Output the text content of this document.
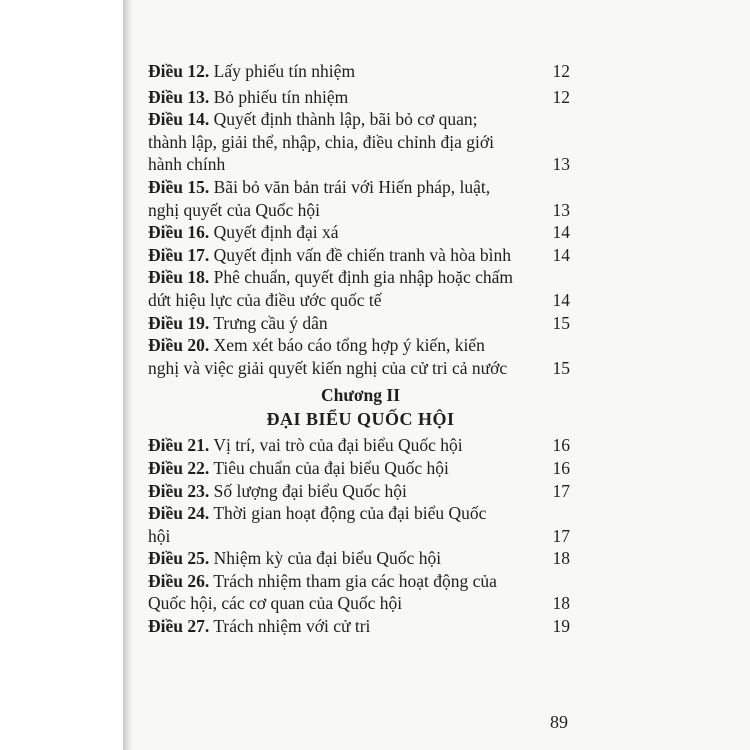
Điều 12. Lấy phiếu tín nhiệm	12
Điều 13. Bỏ phiếu tín nhiệm	12
Điều 14. Quyết định thành lập, bãi bỏ cơ quan; thành lập, giải thể, nhập, chia, điều chỉnh địa giới hành chính	13
Điều 15. Bãi bỏ văn bản trái với Hiến pháp, luật, nghị quyết của Quốc hội	13
Điều 16. Quyết định đại xá	14
Điều 17. Quyết định vấn đề chiến tranh và hòa bình	14
Điều 18. Phê chuẩn, quyết định gia nhập hoặc chấm dứt hiệu lực của điều ước quốc tế	14
Điều 19. Trưng cầu ý dân	15
Điều 20. Xem xét báo cáo tổng hợp ý kiến, kiến nghị và việc giải quyết kiến nghị của cử tri cả nước	15
Chương II
ĐẠI BIỂU QUỐC HỘI
Điều 21. Vị trí, vai trò của đại biểu Quốc hội	16
Điều 22. Tiêu chuẩn của đại biểu Quốc hội	16
Điều 23. Số lượng đại biểu Quốc hội	17
Điều 24. Thời gian hoạt động của đại biểu Quốc hội	17
Điều 25. Nhiệm kỳ của đại biểu Quốc hội	18
Điều 26. Trách nhiệm tham gia các hoạt động của Quốc hội, các cơ quan của Quốc hội	18
Điều 27. Trách nhiệm với cử tri	19
89
